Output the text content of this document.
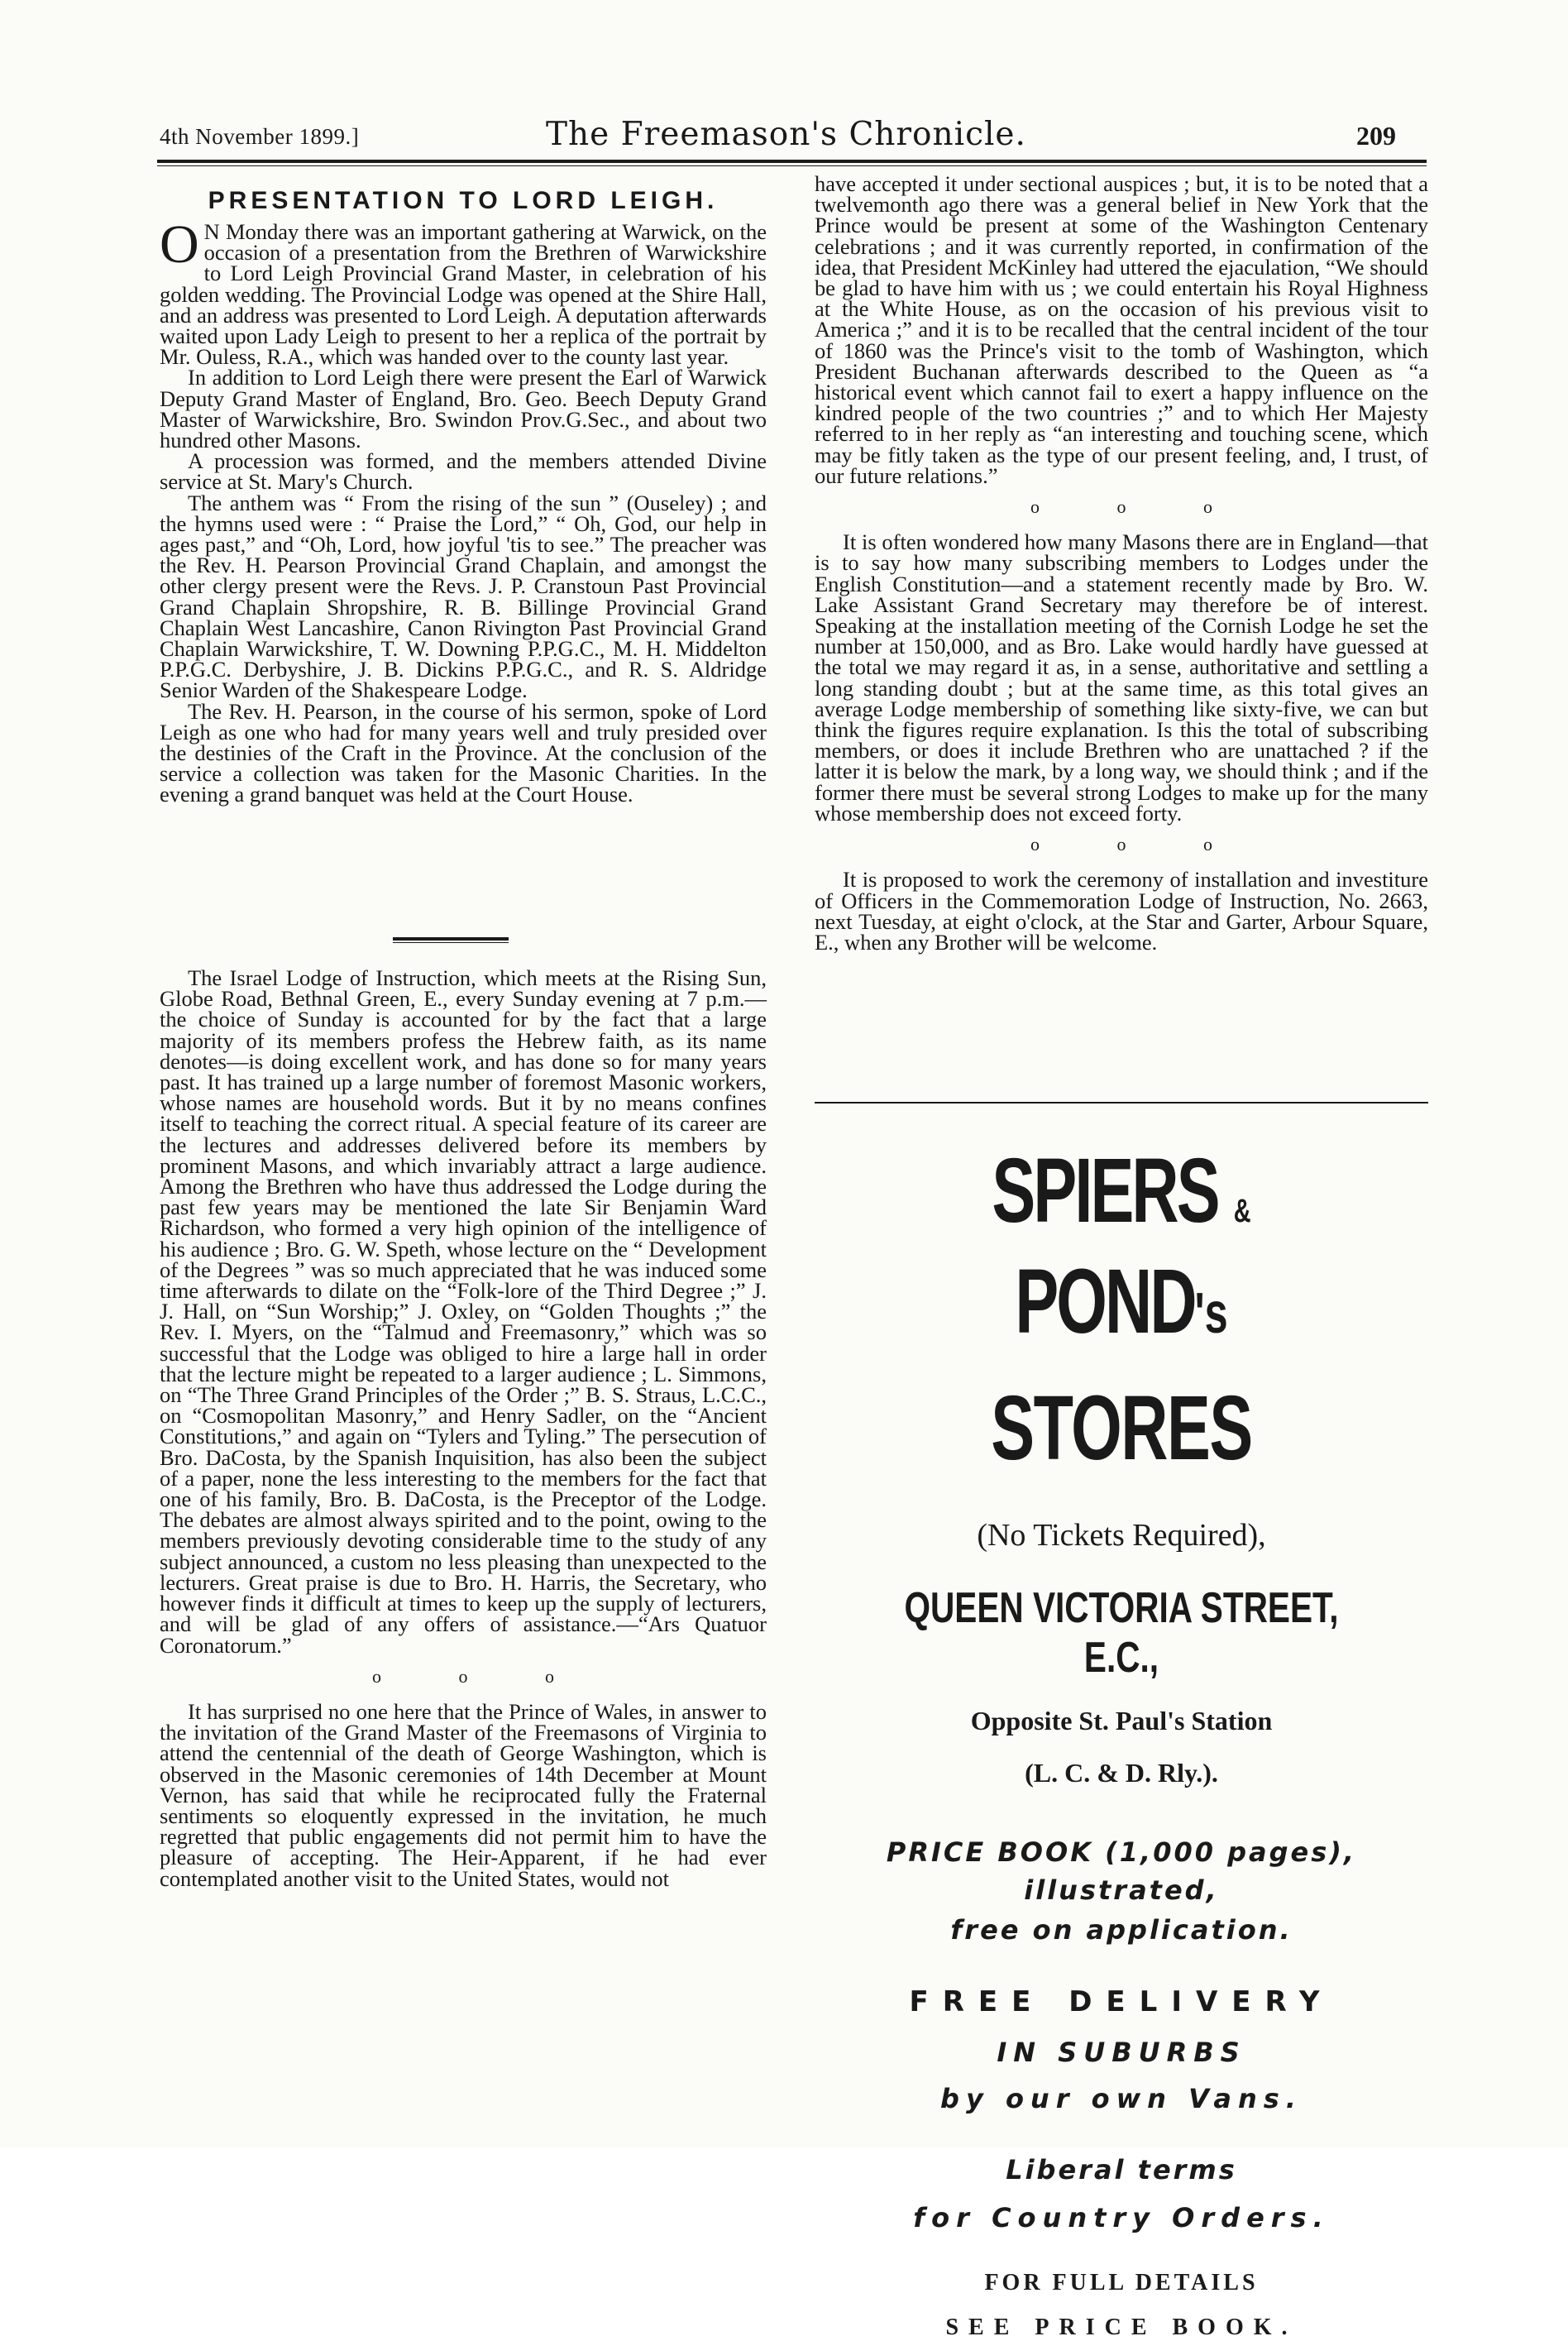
4th November 1899.]	The Freemason's Chronicle.	209
PRESENTATION TO LORD LEIGH.

O N Monday there was an important gathering at Warwick, on the occasion of a presentation from the Brethren of Warwickshire to Lord Leigh Provincial Grand Master, in celebration of his golden wedding. The Provincial Lodge was opened at the Shire Hall, and an address was presented to Lord Leigh. A deputation afterwards waited upon Lady Leigh to present to her a replica of the portrait by Mr. Ouless, R.A., which was handed over to the county last year.

In addition to Lord Leigh there were present the Earl of Warwick Deputy Grand Master of England, Bro. Geo. Beech Deputy Grand Master of Warwickshire, Bro. Swindon Prov.G.Sec., and about two hundred other Masons.

A procession was formed, and the members attended Divine service at St. Mary's Church.

The anthem was “ From the rising of the sun ” (Ouseley) ; and the hymns used were : “ Praise the Lord,” “ Oh, God, our help in ages past,” and “Oh, Lord, how joyful 'tis to see.” The preacher was the Rev. H. Pearson Provincial Grand Chaplain, and amongst the other clergy present were the Revs. J. P. Cranstoun Past Provincial Grand Chaplain Shropshire, R. B. Billinge Provincial Grand Chaplain West Lancashire, Canon Rivington Past Provincial Grand Chaplain Warwickshire, T. W. Downing P.P.G.C., M. H. Middelton P.P.G.C. Derbyshire, J. B. Dickins P.P.G.C., and R. S. Aldridge Senior Warden of the Shakespeare Lodge.

The Rev. H. Pearson, in the course of his sermon, spoke of Lord Leigh as one who had for many years well and truly presided over the destinies of the Craft in the Province. At the conclusion of the service a collection was taken for the Masonic Charities. In the evening a grand banquet was held at the Court House.

The Israel Lodge of Instruction, which meets at the Rising Sun, Globe Road, Bethnal Green, E., every Sunday evening at 7 p.m.—the choice of Sunday is accounted for by the fact that a large majority of its members profess the Hebrew faith, as its name denotes—is doing excellent work, and has done so for many years past. It has trained up a large number of foremost Masonic workers, whose names are household words. But it by no means confines itself to teaching the correct ritual. A special feature of its career are the lectures and addresses delivered before its members by prominent Masons, and which invariably attract a large audience. Among the Brethren who have thus addressed the Lodge during the past few years may be mentioned the late Sir Benjamin Ward Richardson, who formed a very high opinion of the intelligence of his audience ; Bro. G. W. Speth, whose lecture on the “ Development of the Degrees ” was so much appreciated that he was induced some time afterwards to dilate on the “Folk-lore of the Third Degree ;” J. J. Hall, on “Sun Worship;” J. Oxley, on “Golden Thoughts ;” the Rev. I. Myers, on the “Talmud and Freemasonry,” which was so successful that the Lodge was obliged to hire a large hall in order that the lecture might be repeated to a larger audience ; L. Simmons, on “The Three Grand Principles of the Order ;” B. S. Straus, L.C.C., on “Cosmopolitan Masonry,” and Henry Sadler, on the “Ancient Constitutions,” and again on “Tylers and Tyling.” The persecution of Bro. DaCosta, by the Spanish Inquisition, has also been the subject of a paper, none the less interesting to the members for the fact that one of his family, Bro. B. DaCosta, is the Preceptor of the Lodge. The debates are almost always spirited and to the point, owing to the members previously devoting considerable time to the study of any subject announced, a custom no less pleasing than unexpected to the lecturers. Great praise is due to Bro. H. Harris, the Secretary, who however finds it difficult at times to keep up the supply of lecturers, and will be glad of any offers of assistance.—“Ars Quatuor Coronatorum.”

o o o

It has surprised no one here that the Prince of Wales, in answer to the invitation of the Grand Master of the Freemasons of Virginia to attend the centennial of the death of George Washington, which is observed in the Masonic ceremonies of 14th December at Mount Vernon, has said that while he reciprocated fully the Fraternal sentiments so eloquently expressed in the invitation, he much regretted that public engagements did not permit him to have the pleasure of accepting. The Heir-Apparent, if he had ever contemplated another visit to the United States, would not

have accepted it under sectional auspices ; but, it is to be noted that a twelvemonth ago there was a general belief in New York that the Prince would be present at some of the Washington Centenary celebrations ; and it was currently reported, in confirmation of the idea, that President McKinley had uttered the ejaculation, “We should be glad to have him with us ; we could entertain his Royal Highness at the White House, as on the occasion of his previous visit to America ;” and it is to be recalled that the central incident of the tour of 1860 was the Prince's visit to the tomb of Washington, which President Buchanan afterwards described to the Queen as “a historical event which cannot fail to exert a happy influence on the kindred people of the two countries ;” and to which Her Majesty referred to in her reply as “an interesting and touching scene, which may be fitly taken as the type of our present feeling, and, I trust, of our future relations.”

o o o

It is often wondered how many Masons there are in England—that is to say how many subscribing members to Lodges under the English Constitution—and a statement recently made by Bro. W. Lake Assistant Grand Secretary may therefore be of interest. Speaking at the installation meeting of the Cornish Lodge he set the number at 150,000, and as Bro. Lake would hardly have guessed at the total we may regard it as, in a sense, authoritative and settling a long standing doubt ; but at the same time, as this total gives an average Lodge membership of something like sixty-five, we can but think the figures require explanation. Is this the total of subscribing members, or does it include Brethren who are unattached ? if the latter it is below the mark, by a long way, we should think ; and if the former there must be several strong Lodges to make up for the many whose membership does not exceed forty.

o o o

It is proposed to work the ceremony of installation and investiture of Officers in the Commemoration Lodge of Instruction, No. 2663, next Tuesday, at eight o'clock, at the Star and Garter, Arbour Square, E., when any Brother will be welcome.

SPIERS & POND's
STORES
(No Tickets Required),
QUEEN VICTORIA STREET, E.C.,
Opposite St. Paul's Station
(L. C. & D. Rly.).
PRICE BOOK (1,000 pages),
illustrated,
free on application.
FREE DELIVERY
IN SUBURBS
by our own Vans.
Liberal terms
for Country Orders.
FOR FULL DETAILS
SEE PRICE BOOK.
